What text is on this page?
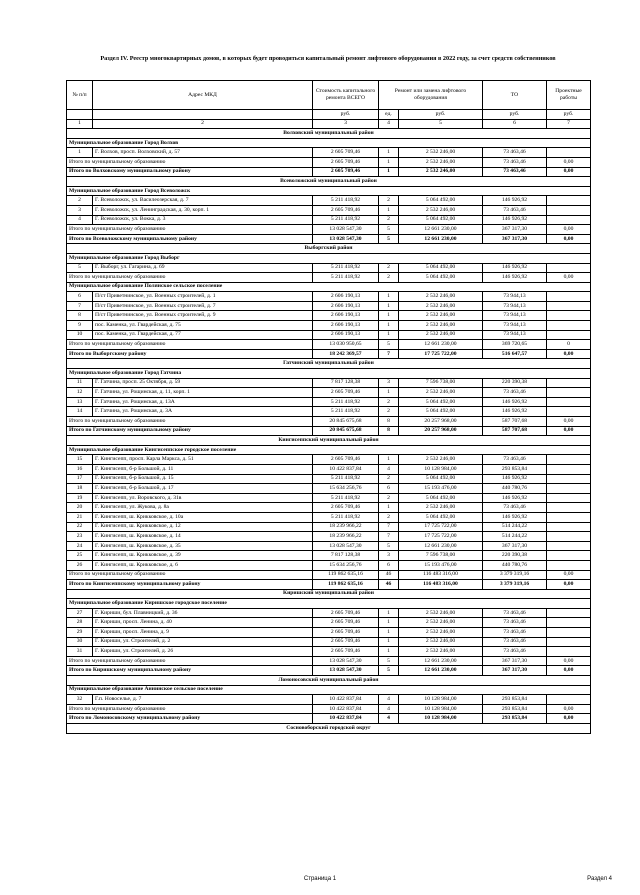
Раздел IV. Реестр многоквартирных домов, в которых будет проводиться капитальный ремонт лифтового оборудования в 2022 году, за счет средств собственников
№ п/п	Адрес МКД	Стоимость капитального ремонта ВСЕГО	Ремонт или замена лифтового оборудования		ТО	Проектные работы
		руб.	ед.	руб.	руб.	руб.
1	2	3	4	5	6	7
Волховский муниципальный район						
Муниципальное образование Город Волхов						
1	Г. Волхов, просп. Волховский, д. 57	2 605 709,46	1	2 532 246,00	73 463,46	
Итого по муниципальному образованию		2 605 709,46	1	2 532 246,00	73 463,46	0,00
Итого по Волховскому муниципальному району		2 605 709,46	1	2 532 246,00	73 463,46	0,00
Всеволожский муниципальный район						
Муниципальное образование Город Всеволожск						
2	Г. Всеволожск, ул. Василеозерская, д. 7	5 211 418,92	2	5 064 492,00	146 926,92	
3	Г. Всеволожск, ул. Ленинградская, д. 30, корп. 1	2 605 709,46	1	2 532 246,00	73 463,46	
4	Г. Всеволожск, ул. Вокка, д. 3	5 211 418,92	2	5 064 492,00	146 926,92	
Итого по муниципальному образованию		13 028 547,30	5	12 661 230,00	367 317,30	0,00
Итого по Всеволожскому муниципальному району		13 028 547,30	5	12 661 230,00	367 317,30	0,00
Выборгский район						
Муниципальное образование Город Выборг						
5	Г. Выборг, ул. Гагарина, д. 69	5 211 418,92	2	5 064 492,00	146 926,92	
Итого по муниципальному образованию		5 211 418,92	2	5 064 492,00	146 926,92	0,00
Муниципальное образование Полянское сельское поселение						
6	П/ст Приветнинское, ул. Военных строителей, д. 1	2 606 190,13	1	2 532 246,00	73 944,13	
7	П/ст Приветнинское, ул. Военных строителей, д. 7	2 606 190,13	1	2 532 246,00	73 944,13	
8	П/ст Приветнинское, ул. Военных строителей, д. 9	2 606 190,13	1	2 532 246,00	73 944,13	
9	пос. Каменка, ул. Гвардейская, д. 75	2 606 190,13	1	2 532 246,00	73 944,13	
10	пос. Каменка, ул. Гвардейская, д. 77	2 606 190,13	1	2 532 246,00	73 944,13	
Итого по муниципальному образованию		13 030 950,65	5	12 661 230,00	369 720,65	0
Итого по Выборгскому району		18 242 369,57	7	17 725 722,00	516 647,57	0,00
Гатчинский муниципальный район						
Муниципальное образование Город Гатчина						
11	Г. Гатчина, просп. 25 Октября, д. 59	7 817 128,38	3	7 596 738,00	220 390,38	
12	Г. Гатчина, ул. Рощинская, д. 11, корп. 1	2 605 709,46	1	2 532 246,00	73 463,46	
13	Г. Гатчина, ул. Рощинская, д. 13А	5 211 418,92	2	5 064 492,00	146 926,92	
14	Г. Гатчина, ул. Рощинская, д. 3А	5 211 418,92	2	5 064 492,00	146 926,92	
Итого по муниципальному образованию		20 845 675,68	8	20 257 968,00	587 707,68	0,00
Итого по Гатчинскому муниципальному району		20 845 675,68	8	20 257 968,00	587 707,68	0,00
Кингисеппский муниципальный район						
Муниципальное образование Кингисеппское городское поселение						
15	Г. Кингисепп, просп. Карла Маркса, д. 51	2 605 709,46	1	2 532 246,00	73 463,46	
16	Г. Кингисепп, б-р Большой, д. 11	10 422 837,84	4	10 128 984,00	293 853,84	
17	Г. Кингисепп, б-р Большой, д. 15	5 211 418,92	2	5 064 492,00	146 926,92	
18	Г. Кингисепп, б-р Большой, д. 17	15 634 256,76	6	15 193 476,00	440 780,76	
19	Г. Кингисепп, ул. Воровского, д. 31в	5 211 418,92	2	5 064 492,00	146 926,92	
20	Г. Кингисепп, ул. Жукова, д. 8а	2 605 709,46	1	2 532 246,00	73 463,46	
21	Г. Кингисепп, ш. Крикковское, д. 10а	5 211 418,92	2	5 064 492,00	146 926,92	
22	Г. Кингисепп, ш. Крикковское, д. 12	18 239 966,22	7	17 725 722,00	514 244,22	
23	Г. Кингисепп, ш. Крикковское, д. 14	18 239 966,22	7	17 725 722,00	514 244,22	
24	Г. Кингисепп, ш. Крикковское, д. 35	13 028 547,30	5	12 661 230,00	367 317,30	
25	Г. Кингисепп, ш. Крикковское, д. 39	7 817 128,38	3	7 596 738,00	220 390,38	
26	Г. Кингисепп, ш. Крикковское, д. 6	15 634 256,76	6	15 193 476,00	440 780,76	
Итого по муниципальному образованию		119 862 635,16	46	116 483 316,00	3 379 319,16	0,00
Итого по Кингисеппскому муниципальному району		119 862 635,16	46	116 483 316,00	3 379 319,16	0,00
Киришский муниципальный район						
Муниципальное образование Киришское городское поселение						
27	Г. Кириши, бул. Плавницкий, д. 36	2 605 709,46	1	2 532 246,00	73 463,46	
28	Г. Кириши, просп. Ленина, д. 40	2 605 709,46	1	2 532 246,00	73 463,46	
29	Г. Кириши, просп. Ленина, д. 9	2 605 709,46	1	2 532 246,00	73 463,46	
30	Г. Кириши, ул. Строителей, д. 2	2 605 709,46	1	2 532 246,00	73 463,46	
31	Г. Кириши, ул. Строителей, д. 26	2 605 709,46	1	2 532 246,00	73 463,46	
Итого по муниципальному образованию		13 028 547,30	5	12 661 230,00	367 317,30	0,00
Итого по Киришскому муниципальному району		13 028 547,30	5	12 661 230,00	367 317,30	0,00
Ломоносовский муниципальный район						
Муниципальное образование Аннинское сельское поселение						
32	Г.п. Новоселье, д. 7	10 422 837,84	4	10 128 984,00	293 853,84	
Итого по муниципальному образованию		10 422 837,84	4	10 128 984,00	293 853,84	0,00
Итого по Ломоносовскому муниципальному району		10 422 837,84	4	10 128 984,00	293 853,84	0,00
Сосновоборский городской округ						
Страница 1	Раздел 4
